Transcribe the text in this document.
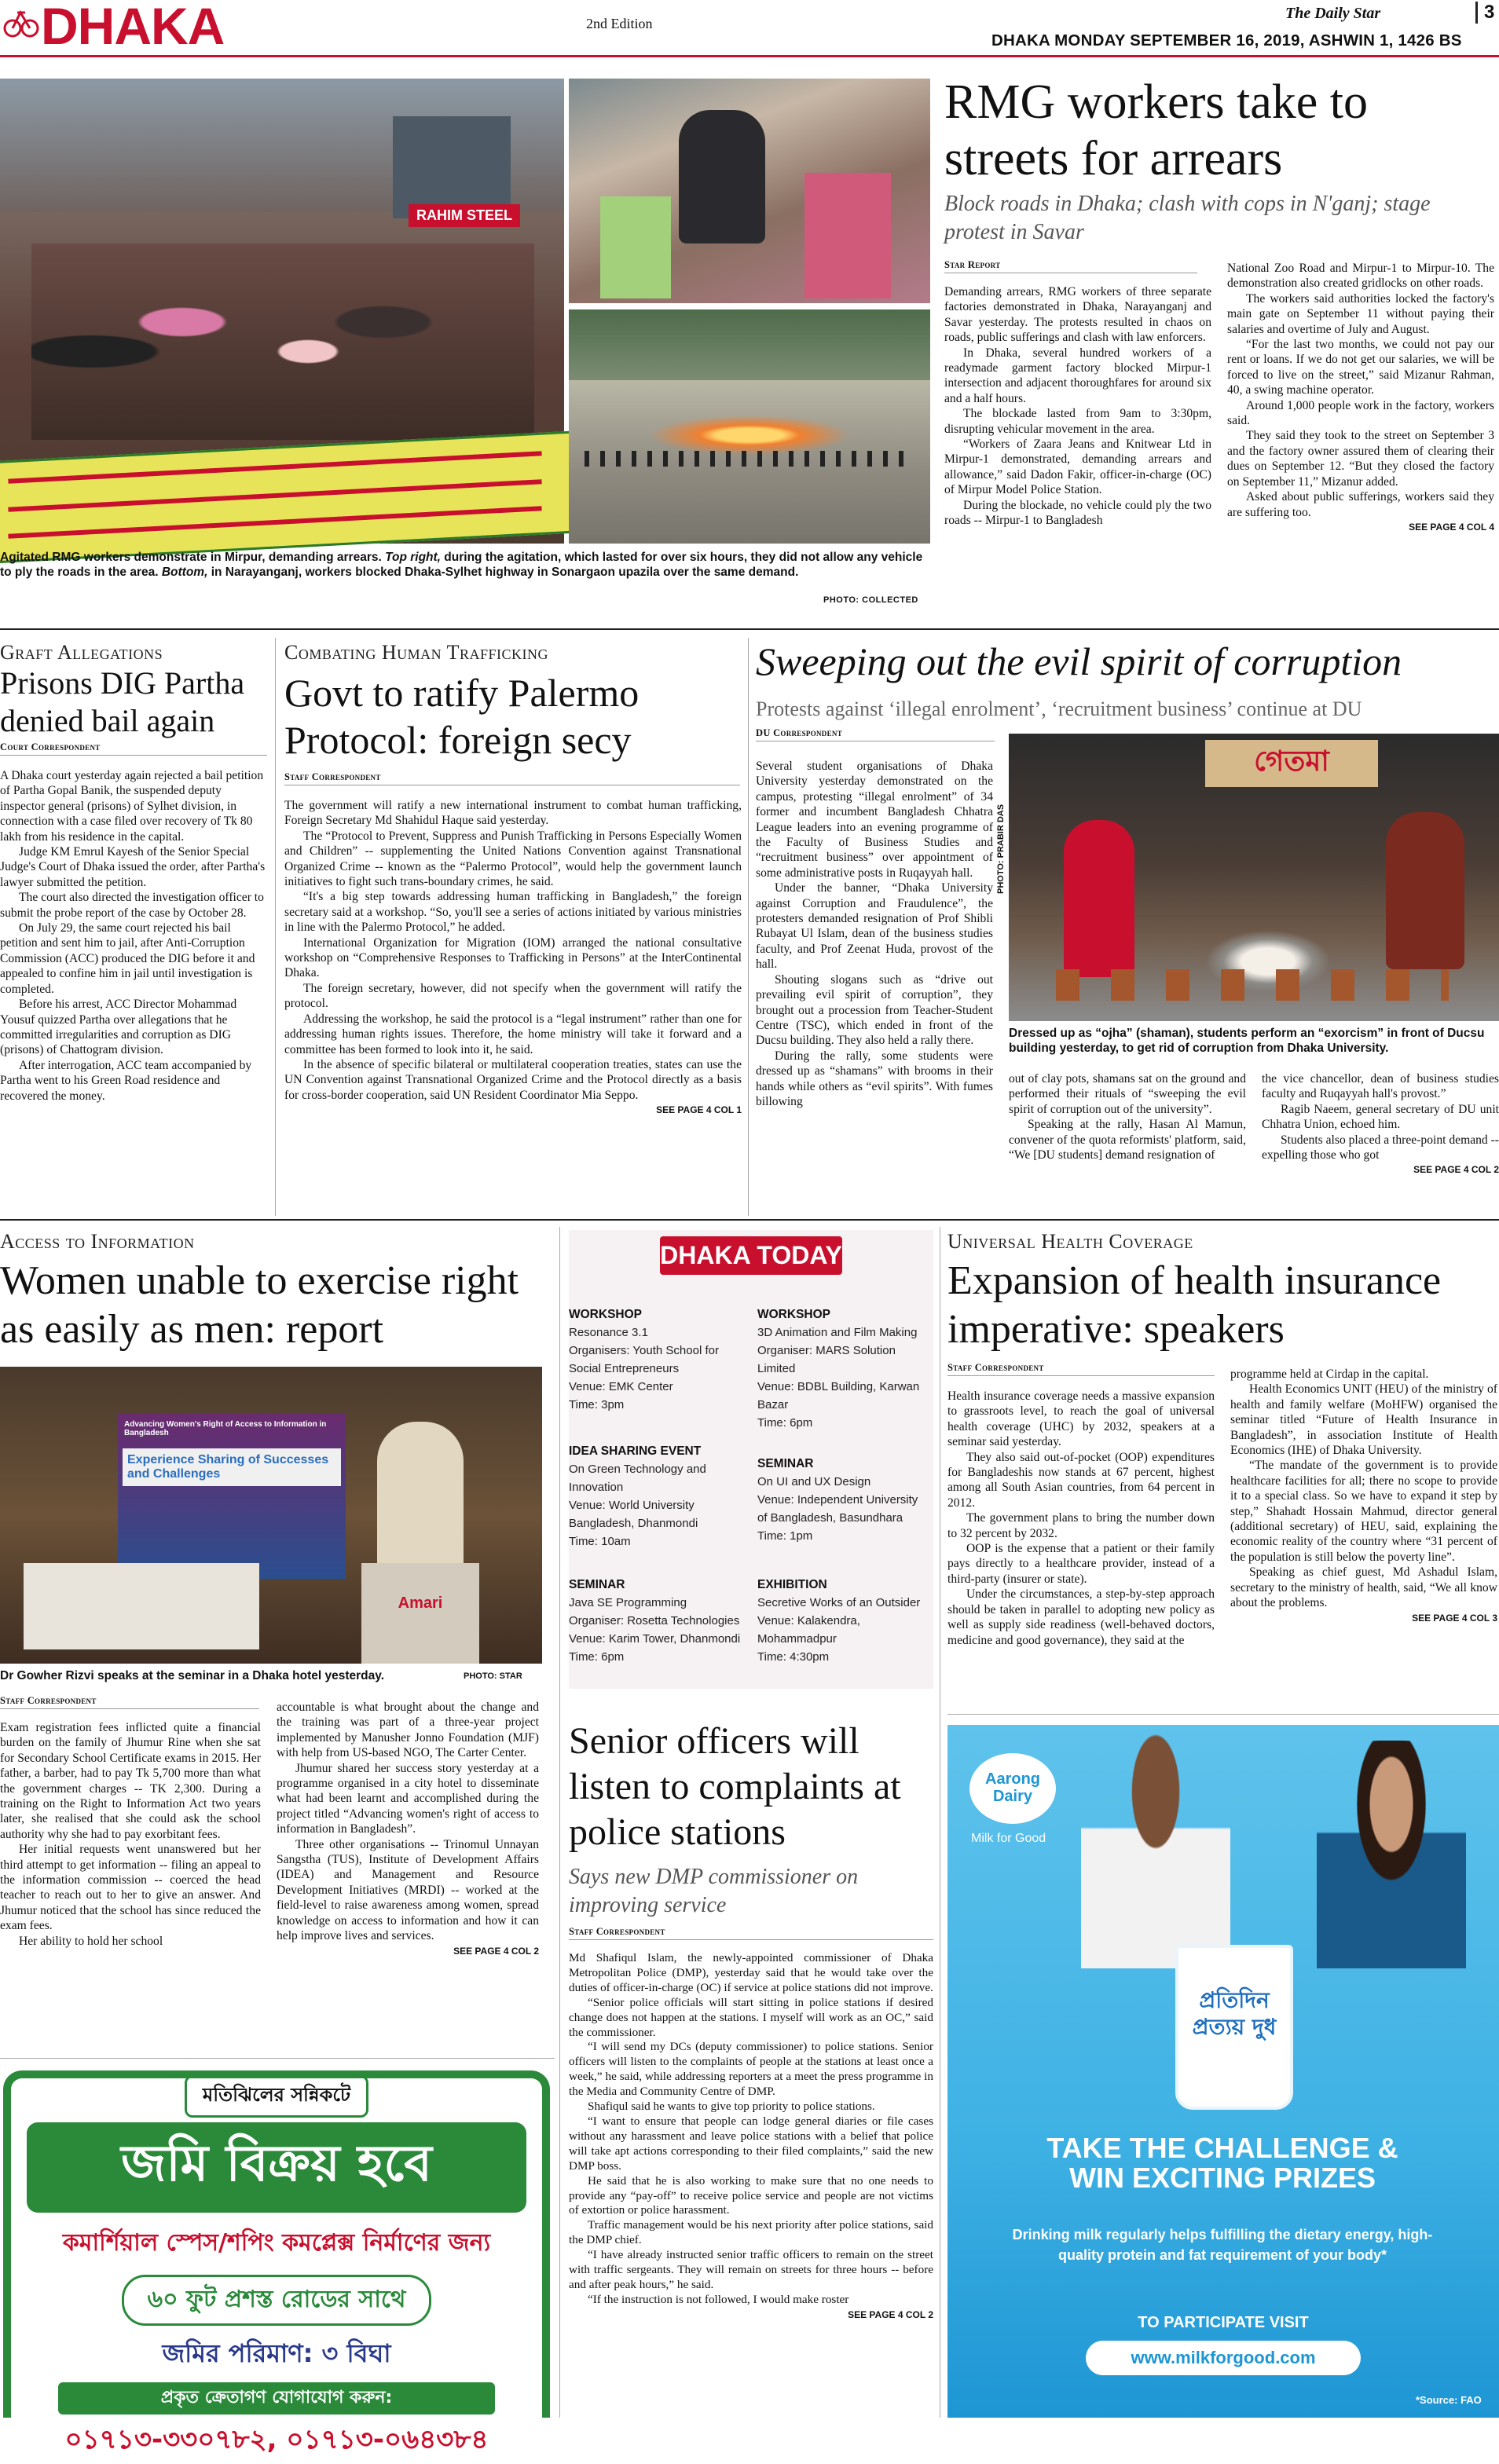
DHAKA	2nd Edition
The Daily Star	3
DHAKA MONDAY SEPTEMBER 16, 2019, ASHWIN 1, 1426 BS
RAHIM STEEL
Agitated RMG workers demonstrate in Mirpur, demanding arrears. Top right, during the agitation, which lasted for over six hours, they did not allow any vehicle to ply the roads in the area. Bottom, in Narayanganj, workers blocked Dhaka-Sylhet highway in Sonargaon upazila over the same demand.
PHOTO: COLLECTED
RMG workers take to streets for arrears
Block roads in Dhaka; clash with cops in N'ganj; stage protest in Savar
Star Report

Demanding arrears, RMG workers of three separate factories demonstrated in Dhaka, Narayanganj and Savar yesterday. The protests resulted in chaos on roads, public sufferings and clash with law enforcers.

In Dhaka, several hundred workers of a readymade garment factory blocked Mirpur-1 intersection and adjacent thoroughfares for around six and a half hours.

The blockade lasted from 9am to 3:30pm, disrupting vehicular movement in the area.

“Workers of Zaara Jeans and Knitwear Ltd in Mirpur-1 demonstrated, demanding arrears and allowance,” said Dadon Fakir, officer-in-charge (OC) of Mirpur Model Police Station.

During the blockade, no vehicle could ply the two roads -- Mirpur-1 to Bangladesh

National Zoo Road and Mirpur-1 to Mirpur-10. The demonstration also created gridlocks on other roads.

The workers said authorities locked the factory's main gate on September 11 without paying their salaries and overtime of July and August.

“For the last two months, we could not pay our rent or loans. If we do not get our salaries, we will be forced to live on the street,” said Mizanur Rahman, 40, a swing machine operator.

Around 1,000 people work in the factory, workers said.

They said they took to the street on September 3 and the factory owner assured them of clearing their dues on September 12. “But they closed the factory on September 11,” Mizanur added.

Asked about public sufferings, workers said they are suffering too.

SEE PAGE 4 COL 4
Graft Allegations
Prisons DIG Partha denied bail again
Court Correspondent

A Dhaka court yesterday again rejected a bail petition of Partha Gopal Banik, the suspended deputy inspector general (prisons) of Sylhet division, in connection with a case filed over recovery of Tk 80 lakh from his residence in the capital.

Judge KM Emrul Kayesh of the Senior Special Judge's Court of Dhaka issued the order, after Partha's lawyer submitted the petition.

The court also directed the investigation officer to submit the probe report of the case by October 28.

On July 29, the same court rejected his bail petition and sent him to jail, after Anti-Corruption Commission (ACC) produced the DIG before it and appealed to confine him in jail until investigation is completed.

Before his arrest, ACC Director Mohammad Yousuf quizzed Partha over allegations that he committed irregularities and corruption as DIG (prisons) of Chattogram division.

After interrogation, ACC team accompanied by Partha went to his Green Road residence and recovered the money.

Combating Human Trafficking
Govt to ratify Palermo Protocol: foreign secy
Staff Correspondent

The government will ratify a new international instrument to combat human trafficking, Foreign Secretary Md Shahidul Haque said yesterday.

The “Protocol to Prevent, Suppress and Punish Trafficking in Persons Especially Women and Children” -- supplementing the United Nations Convention against Transnational Organized Crime -- known as the “Palermo Protocol”, would help the government launch initiatives to fight such trans-boundary crimes, he said.

“It's a big step towards addressing human trafficking in Bangladesh,” the foreign secretary said at a workshop. “So, you'll see a series of actions initiated by various ministries in line with the Palermo Protocol,” he added.

International Organization for Migration (IOM) arranged the national consultative workshop on “Comprehensive Responses to Trafficking in Persons” at the InterContinental Dhaka.

The foreign secretary, however, did not specify when the government will ratify the protocol.

Addressing the workshop, he said the protocol is a “legal instrument” rather than one for addressing human rights issues. Therefore, the home ministry will take it forward and a committee has been formed to look into it, he said.

In the absence of specific bilateral or multilateral cooperation treaties, states can use the UN Convention against Transnational Organized Crime and the Protocol directly as a basis for cross-border cooperation, said UN Resident Coordinator Mia Seppo.

SEE PAGE 4 COL 1
Sweeping out the evil spirit of corruption
Protests against ‘illegal enrolment’, ‘recruitment business’ continue at DU
DU Correspondent

Several student organisations of Dhaka University yesterday demonstrated on the campus, protesting “illegal enrolment” of 34 former and incumbent Bangladesh Chhatra League leaders into an evening programme of the Faculty of Business Studies and “recruitment business” over appointment of some administrative posts in Ruqayyah hall.

Under the banner, “Dhaka University against Corruption and Fraudulence”, the protesters demanded resignation of Prof Shibli Rubayat Ul Islam, dean of the business studies faculty, and Prof Zeenat Huda, provost of the hall.

Shouting slogans such as “drive out prevailing evil spirit of corruption”, they brought out a procession from Teacher-Student Centre (TSC), which ended in front of the Ducsu building. They also held a rally there.

During the rally, some students were dressed up as “shamans” with brooms in their hands while others as “evil spirits”. With fumes billowing

PHOTO: PRABIR DAS
গেতমা
Dressed up as “ojha” (shaman), students perform an “exorcism” in front of Ducsu building yesterday, to get rid of corruption from Dhaka University.

out of clay pots, shamans sat on the ground and performed their rituals of “sweeping the evil spirit of corruption out of the university”.

Speaking at the rally, Hasan Al Mamun, convener of the quota reformists' platform, said, “We [DU students] demand resignation of

the vice chancellor, dean of business studies faculty and Ruqayyah hall's provost.”

Ragib Naeem, general secretary of DU unit Chhatra Union, echoed him.

Students also placed a three-point demand -- expelling those who got

SEE PAGE 4 COL 2
Access to Information
Women unable to exercise right as easily as men: report
Advancing Women's Right of Access to Information in Bangladesh
Experience Sharing of Successes and Challenges
Amari
Dr Gowher Rizvi speaks at the seminar in a Dhaka hotel yesterday.	PHOTO: STAR
Staff Correspondent

Exam registration fees inflicted quite a financial burden on the family of Jhumur Rine when she sat for Secondary School Certificate exams in 2015. Her father, a barber, had to pay Tk 5,700 more than what the government charges -- TK 2,300. During a training on the Right to Information Act two years later, she realised that she could ask the school authority why she had to pay exorbitant fees.

Her initial requests went unanswered but her third attempt to get information -- filing an appeal to the information commission -- coerced the head teacher to reach out to her to give an answer. And Jhumur noticed that the school has since reduced the exam fees.

Her ability to hold her school

accountable is what brought about the change and the training was part of a three-year project implemented by Manusher Jonno Foundation (MJF) with help from US-based NGO, The Carter Center.

Jhumur shared her success story yesterday at a programme organised in a city hotel to disseminate what had been learnt and accomplished during the project titled “Advancing women's right of access to information in Bangladesh”.

Three other organisations -- Trinomul Unnayan Sangstha (TUS), Institute of Development Affairs (IDEA) and Management and Resource Development Initiatives (MRDI) -- worked at the field-level to raise awareness among women, spread knowledge on access to information and how it can help improve lives and services.

SEE PAGE 4 COL 2
মতিঝিলের সন্নিকটে
জমি বিক্রয় হবে
কমার্শিয়াল স্পেস/শপিং কমপ্লেক্স নির্মাণের জন্য
৬০ ফুট প্রশস্ত রোডের সাথে
জমির পরিমাণ: ৩ বিঘা
প্রকৃত ক্রেতাগণ যোগাযোগ করুন:
০১৭১৩-৩৩০৭৮২, ০১৭১৩-০৬৪৩৮৪
DHAKA TODAY
WORKSHOP
Resonance 3.1
Organisers: Youth School for Social Entrepreneurs
Venue: EMK Center
Time: 3pm
WORKSHOP
3D Animation and Film Making
Organiser: MARS Solution Limited
Venue: BDBL Building, Karwan Bazar
Time: 6pm
IDEA SHARING EVENT
On Green Technology and Innovation
Venue: World University Bangladesh, Dhanmondi
Time: 10am
SEMINAR
On UI and UX Design
Venue: Independent University of Bangladesh, Basundhara
Time: 1pm
SEMINAR
Java SE Programming
Organiser: Rosetta Technologies
Venue: Karim Tower, Dhanmondi
Time: 6pm
EXHIBITION
Secretive Works of an Outsider
Venue: Kalakendra, Mohammadpur
Time: 4:30pm
Senior officers will listen to complaints at police stations
Says new DMP commissioner on improving service
Staff Correspondent

Md Shafiqul Islam, the newly-appointed commissioner of Dhaka Metropolitan Police (DMP), yesterday said that he would take over the duties of officer-in-charge (OC) if service at police stations did not improve.

“Senior police officials will start sitting in police stations if desired change does not happen at the stations. I myself will work as an OC,” said the commissioner.

“I will send my DCs (deputy commissioner) to police stations. Senior officers will listen to the complaints of people at the stations at least once a week,” he said, while addressing reporters at a meet the press programme in the Media and Community Centre of DMP.

Shafiqul said he wants to give top priority to police stations.

“I want to ensure that people can lodge general diaries or file cases without any harassment and leave police stations with a belief that police will take apt actions corresponding to their filed complaints,” said the new DMP boss.

He said that he is also working to make sure that no one needs to provide any “pay-off” to receive police service and people are not victims of extortion or police harassment.

Traffic management would be his next priority after police stations, said the DMP chief.

“I have already instructed senior traffic officers to remain on the street with traffic sergeants. They will remain on streets for three hours -- before and after peak hours,” he said.

“If the instruction is not followed, I would make roster

SEE PAGE 4 COL 2
Universal Health Coverage
Expansion of health insurance imperative: speakers
Staff Correspondent

Health insurance coverage needs a massive expansion to grassroots level, to reach the goal of universal health coverage (UHC) by 2032, speakers at a seminar said yesterday.

They also said out-of-pocket (OOP) expenditures for Bangladeshis now stands at 67 percent, highest among all South Asian countries, from 64 percent in 2012.

The government plans to bring the number down to 32 percent by 2032.

OOP is the expense that a patient or their family pays directly to a healthcare provider, instead of a third-party (insurer or state).

Under the circumstances, a step-by-step approach should be taken in parallel to adopting new policy as well as supply side readiness (well-behaved doctors, medicine and good governance), they said at the

programme held at Cirdap in the capital.

Health Economics UNIT (HEU) of the ministry of health and family welfare (MoHFW) organised the seminar titled “Future of Health Insurance in Bangladesh”, in association Institute of Health Economics (IHE) of Dhaka University.

“The mandate of the government is to provide healthcare facilities for all; there no scope to provide it to a special class. So we have to expand it step by step,” Shahadt Hossain Mahmud, director general (additional secretary) of HEU, said, explaining the economic reality of the country where “31 percent of the population is still below the poverty line”.

Speaking as chief guest, Md Ashadul Islam, secretary to the ministry of health, said, “We all know about the problems.

SEE PAGE 4 COL 3
Aarong Dairy
Milk for Good
প্রতিদিন প্রত্যয় দুধ
TAKE THE CHALLENGE & WIN EXCITING PRIZES
Drinking milk regularly helps fulfilling the dietary energy, high-quality protein and fat requirement of your body*
TO PARTICIPATE VISIT
www.milkforgood.com
*Source: FAO
